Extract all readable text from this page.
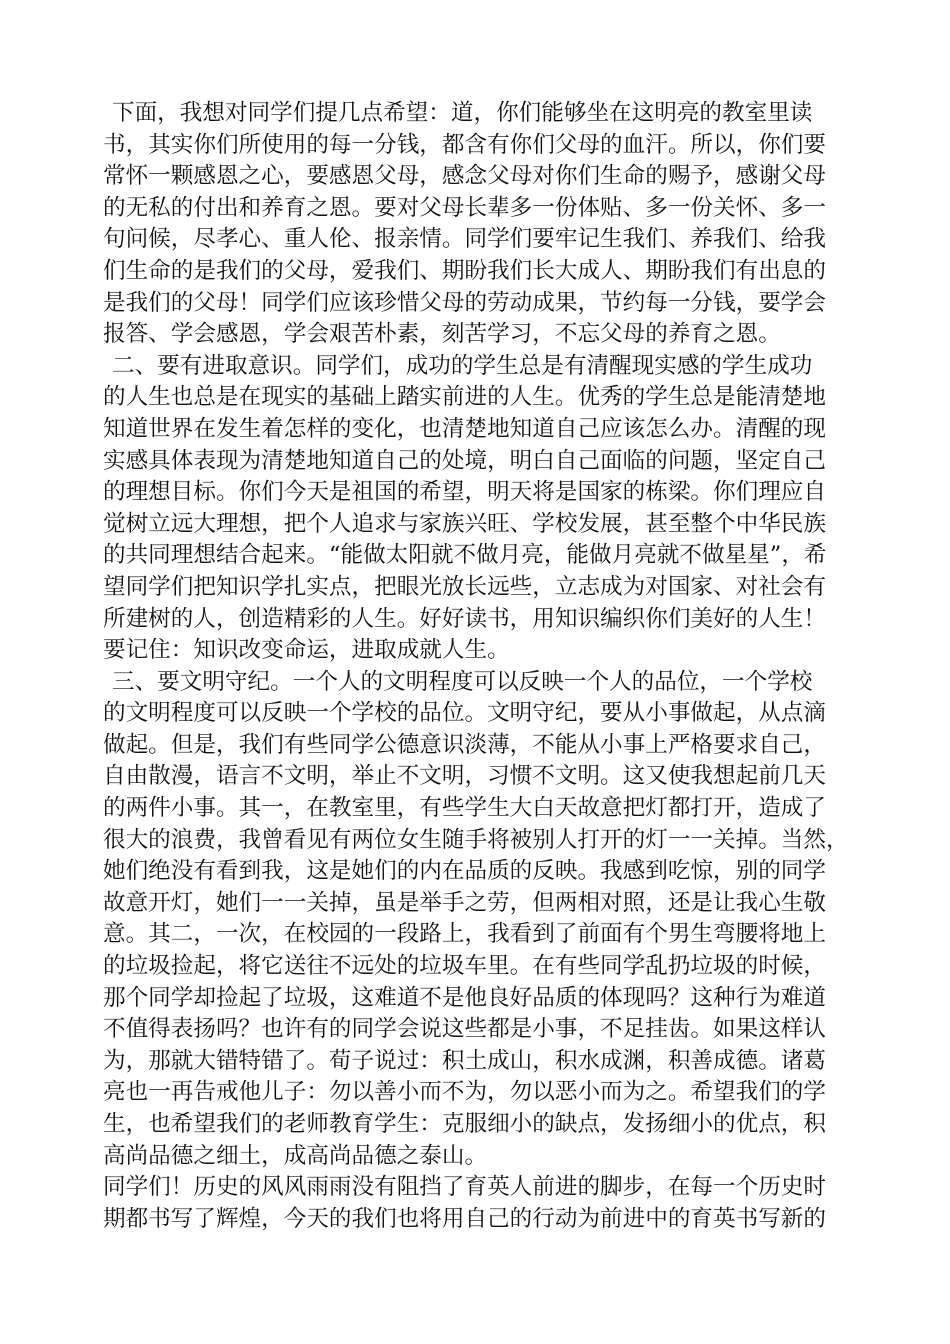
下面，我想对同学们提几点希望：道，你们能够坐在这明亮的教室里读
书，其实你们所使用的每一分钱，都含有你们父母的血汗。所以，你们要
常怀一颗感恩之心，要感恩父母，感念父母对你们生命的赐予，感谢父母
的无私的付出和养育之恩。要对父母长辈多一份体贴、多一份关怀、多一
句问候，尽孝心、重人伦、报亲情。同学们要牢记生我们、养我们、给我
们生命的是我们的父母，爱我们、期盼我们长大成人、期盼我们有出息的
是我们的父母！同学们应该珍惜父母的劳动成果，节约每一分钱，要学会
报答、学会感恩，学会艰苦朴素，刻苦学习，不忘父母的养育之恩。
二、要有进取意识。同学们，成功的学生总是有清醒现实感的学生成功
的人生也总是在现实的基础上踏实前进的人生。优秀的学生总是能清楚地
知道世界在发生着怎样的变化，也清楚地知道自己应该怎么办。清醒的现
实感具体表现为清楚地知道自己的处境，明白自己面临的问题，坚定自己
的理想目标。你们今天是祖国的希望，明天将是国家的栋梁。你们理应自
觉树立远大理想，把个人追求与家族兴旺、学校发展，甚至整个中华民族
的共同理想结合起来。“能做太阳就不做月亮，能做月亮就不做星星”，希
望同学们把知识学扎实点，把眼光放长远些，立志成为对国家、对社会有
所建树的人，创造精彩的人生。好好读书，用知识编织你们美好的人生！
要记住：知识改变命运，进取成就人生。
三、要文明守纪。一个人的文明程度可以反映一个人的品位，一个学校
的文明程度可以反映一个学校的品位。文明守纪，要从小事做起，从点滴
做起。但是，我们有些同学公德意识淡薄，不能从小事上严格要求自己，
自由散漫，语言不文明，举止不文明，习惯不文明。这又使我想起前几天
的两件小事。其一，在教室里，有些学生大白天故意把灯都打开，造成了
很大的浪费，我曾看见有两位女生随手将被别人打开的灯一一关掉。当然，
她们绝没有看到我，这是她们的内在品质的反映。我感到吃惊，别的同学
故意开灯，她们一一关掉，虽是举手之劳，但两相对照，还是让我心生敬
意。其二，一次，在校园的一段路上，我看到了前面有个男生弯腰将地上
的垃圾捡起，将它送往不远处的垃圾车里。在有些同学乱扔垃圾的时候，
那个同学却捡起了垃圾，这难道不是他良好品质的体现吗？这种行为难道
不值得表扬吗？也许有的同学会说这些都是小事，不足挂齿。如果这样认
为，那就大错特错了。荀子说过：积土成山，积水成渊，积善成德。诸葛
亮也一再告戒他儿子：勿以善小而不为，勿以恶小而为之。希望我们的学
生，也希望我们的老师教育学生：克服细小的缺点，发扬细小的优点，积
高尚品德之细土，成高尚品德之泰山。
同学们！历史的风风雨雨没有阻挡了育英人前进的脚步，在每一个历史时
期都书写了辉煌，今天的我们也将用自己的行动为前进中的育英书写新的
